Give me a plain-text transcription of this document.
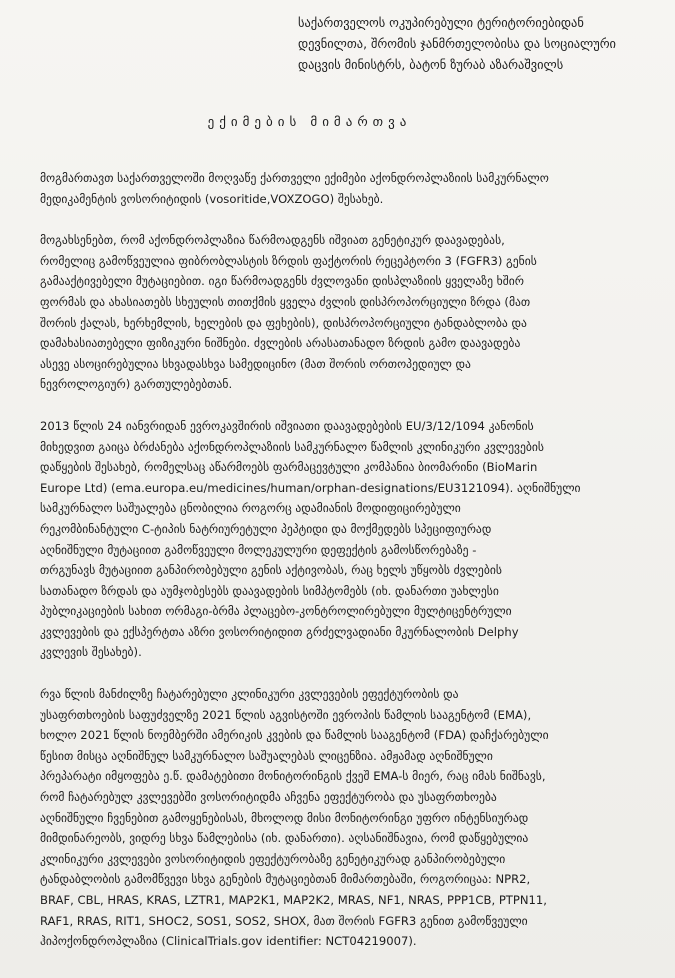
საქართველოს ოკუპირებული ტერიტორიებიდან
დევნილთა, შრომის ჯანმრთელობისა და სოციალური
დაცვის მინისტრს, ბატონ ზურაბ აზარაშვილს
ექიმების მიმართვა
მოგმართავთ საქართველოში მოღვაწე ქართველი ექიმები აქონდროპლაზიის სამკურნალო
მედიკამენტის ვოსორიტიდის (vosoritide,VOXZOGO) შესახებ.
მოგახსენებთ, რომ აქონდროპლაზია წარმოადგენს იშვიათ გენეტიკურ დაავადებას,
რომელიც გამოწვეულია ფიბრობლასტის ზრდის ფაქტორის რეცეპტორი 3 (FGFR3) გენის
გამააქტივებელი მუტაციებით. იგი წარმოადგენს ძვლოვანი დისპლაზიის ყველაზე ხშირ
ფორმას და ახასიათებს სხეულის თითქმის ყველა ძვლის დისპროპორციული ზრდა (მათ
შორის ქალას, ხერხემლის, ხელების და ფეხების), დისპროპორციული ტანდაბლობა და
დამახასიათებელი ფიზიკური ნიშნები. ძვლების არასათანადო ზრდის გამო დაავადება
ასევე ასოცირებულია სხვადასხვა სამედიცინო (მათ შორის ორთოპედიულ და
ნევროლოგიურ) გართულებებთან.
2013 წლის 24 იანვრიდან ევროკავშირის იშვიათი დაავადებების EU/3/12/1094 კანონის
მიხედვით გაიცა ბრძანება აქონდროპლაზიის სამკურნალო წამლის კლინიკური კვლევების
დაწყების შესახებ, რომელსაც აწარმოებს ფარმაცევტული კომპანია ბიომარინი (BioMarin
Europe Ltd) (ema.europa.eu/medicines/human/orphan-designations/EU3121094). აღნიშნული
სამკურნალო საშუალება ცნობილია როგორც ადამიანის მოდიფიცირებული
რეკომბინანტული C-ტიპის ნატრიურეტული პეპტიდი და მოქმედებს სპეციფიურად
აღნიშნული მუტაციით გამოწვეული მოლეკულური დეფექტის გამოსწორებაზე -
თრგუნავს მუტაციით განპირობებული გენის აქტივობას, რაც ხელს უწყობს ძვლების
სათანადო ზრდას და აუმჯობესებს დაავადების სიმპტომებს (იხ. დანართი უახლესი
პუბლიკაციების სახით ორმაგი-ბრმა პლაცებო-კონტროლირებული მულტიცენტრული
კვლევების და ექსპერტთა აზრი ვოსორიტიდით გრძელვადიანი მკურნალობის Delphy
კვლევის შესახებ).
რვა წლის მანძილზე ჩატარებული კლინიკური კვლევების ეფექტურობის და
უსაფრთხოების საფუძველზე 2021 წლის აგვისტოში ევროპის წამლის სააგენტომ (EMA),
ხოლო 2021 წლის ნოემბერში ამერიკის კვების და წამლის სააგენტომ (FDA) დაჩქარებული
წესით მისცა აღნიშნულ სამკურნალო საშუალებას ლიცენზია. ამჟამად აღნიშნული
პრეპარატი იმყოფება ე.წ. დამატებითი მონიტორინგის ქვეშ EMA-ს მიერ, რაც იმას ნიშნავს,
რომ ჩატარებულ კვლევებში ვოსორიტიდმა აჩვენა ეფექტურობა და უსაფრთხოება
აღნიშნული ჩვენებით გამოყენებისას, მხოლოდ მისი მონიტორინგი უფრო ინტენსიურად
მიმდინარეობს, ვიდრე სხვა წამლებისა (იხ. დანართი). აღსანიშნავია, რომ დაწყებულია
კლინიკური კვლევები ვოსორიტიდის ეფექტურობაზე გენეტიკურად განპირობებული
ტანდაბლობის გამომწვევი სხვა გენების მუტაციებთან მიმართებაში, როგორიცაა: NPR2,
BRAF, CBL, HRAS, KRAS, LZTR1, MAP2K1, MAP2K2, MRAS, NF1, NRAS, PPP1CB, PTPN11,
RAF1, RRAS, RIT1, SHOC2, SOS1, SOS2, SHOX, მათ შორის FGFR3 გენით გამოწვეული
ჰიპოქონდროპლაზია (ClinicalTrials.gov identifier: NCT04219007).
